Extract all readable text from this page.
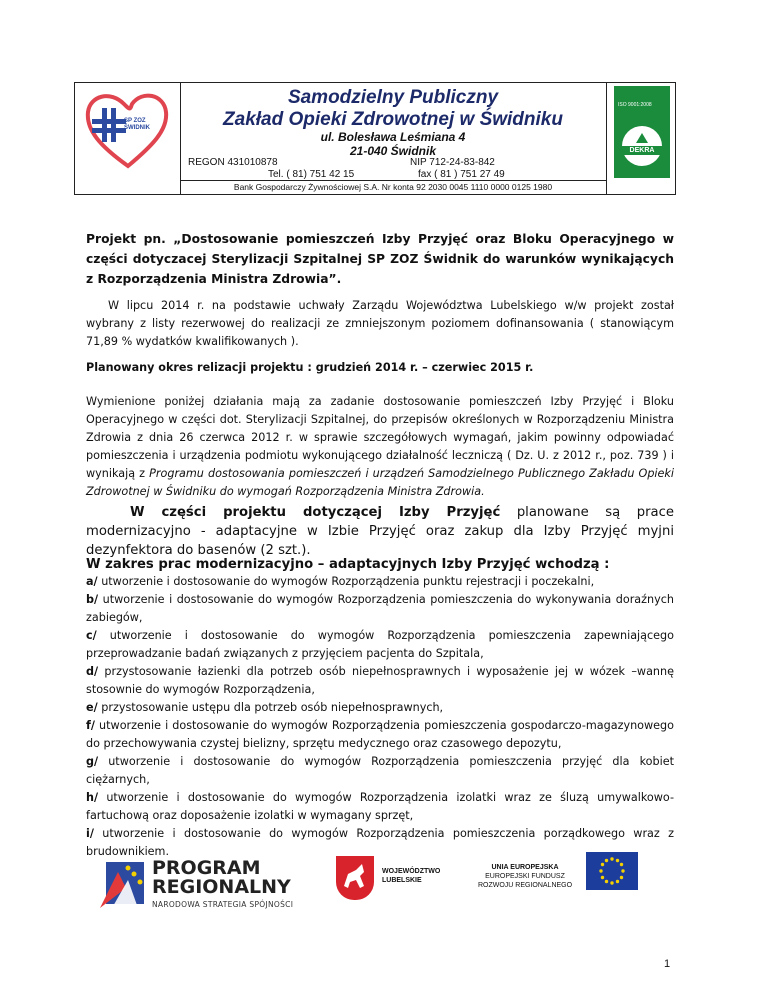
SP ZOZ ŚWIDNIK
Samodzielny Publiczny
Zakład Opieki Zdrowotnej w Świdniku
ul. Bolesława Leśmiana 4
21-040 Świdnik
REGON 431010878	NIP 712-24-83-842
Tel. ( 81) 751 42 15	fax ( 81 ) 751 27 49
Bank Gospodarczy Żywnościowej S.A. Nr konta 92 2030 0045 1110 0000 0125 1980
ISO 9001:2008
DEKRA
Projekt pn. „Dostosowanie pomieszczeń Izby Przyjęć oraz Bloku Operacyjnego w części dotyczacej Sterylizacji Szpitalnej SP ZOZ Świdnik do warunków wynikających z Rozporządzenia Ministra Zdrowia”.
W lipcu 2014 r. na podstawie uchwały Zarządu Województwa Lubelskiego w/w projekt został wybrany z listy rezerwowej do realizacji ze zmniejszonym poziomem dofinansowania ( stanowiącym 71,89 % wydatków kwalifikowanych ).
Planowany okres relizacji projektu : grudzień 2014 r. – czerwiec 2015 r.
Wymienione poniżej działania mają za zadanie dostosowanie pomieszczeń Izby Przyjęć i Bloku Operacyjnego w części dot. Sterylizacji Szpitalnej, do przepisów określonych w Rozporządzeniu Ministra Zdrowia z dnia 26 czerwca 2012 r. w sprawie szczegółowych wymagań, jakim powinny odpowiadać pomieszczenia i urządzenia podmiotu wykonującego działalność leczniczą ( Dz. U. z 2012 r., poz. 739 ) i wynikają z Programu dostosowania pomieszczeń i urządzeń Samodzielnego Publicznego Zakładu Opieki Zdrowotnej w Świdniku do wymogań Rozporządzenia Ministra Zdrowia.
W części projektu dotyczącej Izby Przyjęć planowane są prace modernizacyjno - adaptacyjne w Izbie Przyjęć oraz zakup dla Izby Przyjęć myjni dezynfektora do basenów (2 szt.).
W zakres prac modernizacyjno – adaptacyjnych Izby Przyjęć wchodzą :
a/ utworzenie i dostosowanie do wymogów Rozporządzenia punktu rejestracji i poczekalni,
b/ utworzenie i dostosowanie do wymogów Rozporządzenia pomieszczenia do wykonywania doraźnych zabiegów,
c/ utworzenie i dostosowanie do wymogów Rozporządzenia pomieszczenia zapewniającego przeprowadzanie badań związanych z przyjęciem pacjenta do Szpitala,
d/ przystosowanie łazienki dla potrzeb osób niepełnosprawnych i wyposażenie jej w wózek –wannę stosownie do wymogów Rozporządzenia,
e/ przystosowanie ustępu dla potrzeb osób niepełnosprawnych,
f/ utworzenie i dostosowanie do wymogów Rozporządzenia pomieszczenia gospodarczo-magazynowego do przechowywania czystej bielizny, sprzętu medycznego oraz czasowego depozytu,
g/ utworzenie i dostosowanie do wymogów Rozporządzenia pomieszczenia przyjęć dla kobiet ciężarnych,
h/ utworzenie i dostosowanie do wymogów Rozporządzenia izolatki wraz ze śluzą umywalkowo-fartuchową oraz doposażenie izolatki w wymagany sprzęt,
i/ utworzenie i dostosowanie do wymogów Rozporządzenia pomieszczenia porządkowego wraz z brudownikiem.
PROGRAM
REGIONALNY
NARODOWA STRATEGIA SPÓJNOŚCI
WOJEWÓDZTWO
LUBELSKIE
UNIA EUROPEJSKA
EUROPEJSKI FUNDUSZ
ROZWOJU REGIONALNEGO
1
